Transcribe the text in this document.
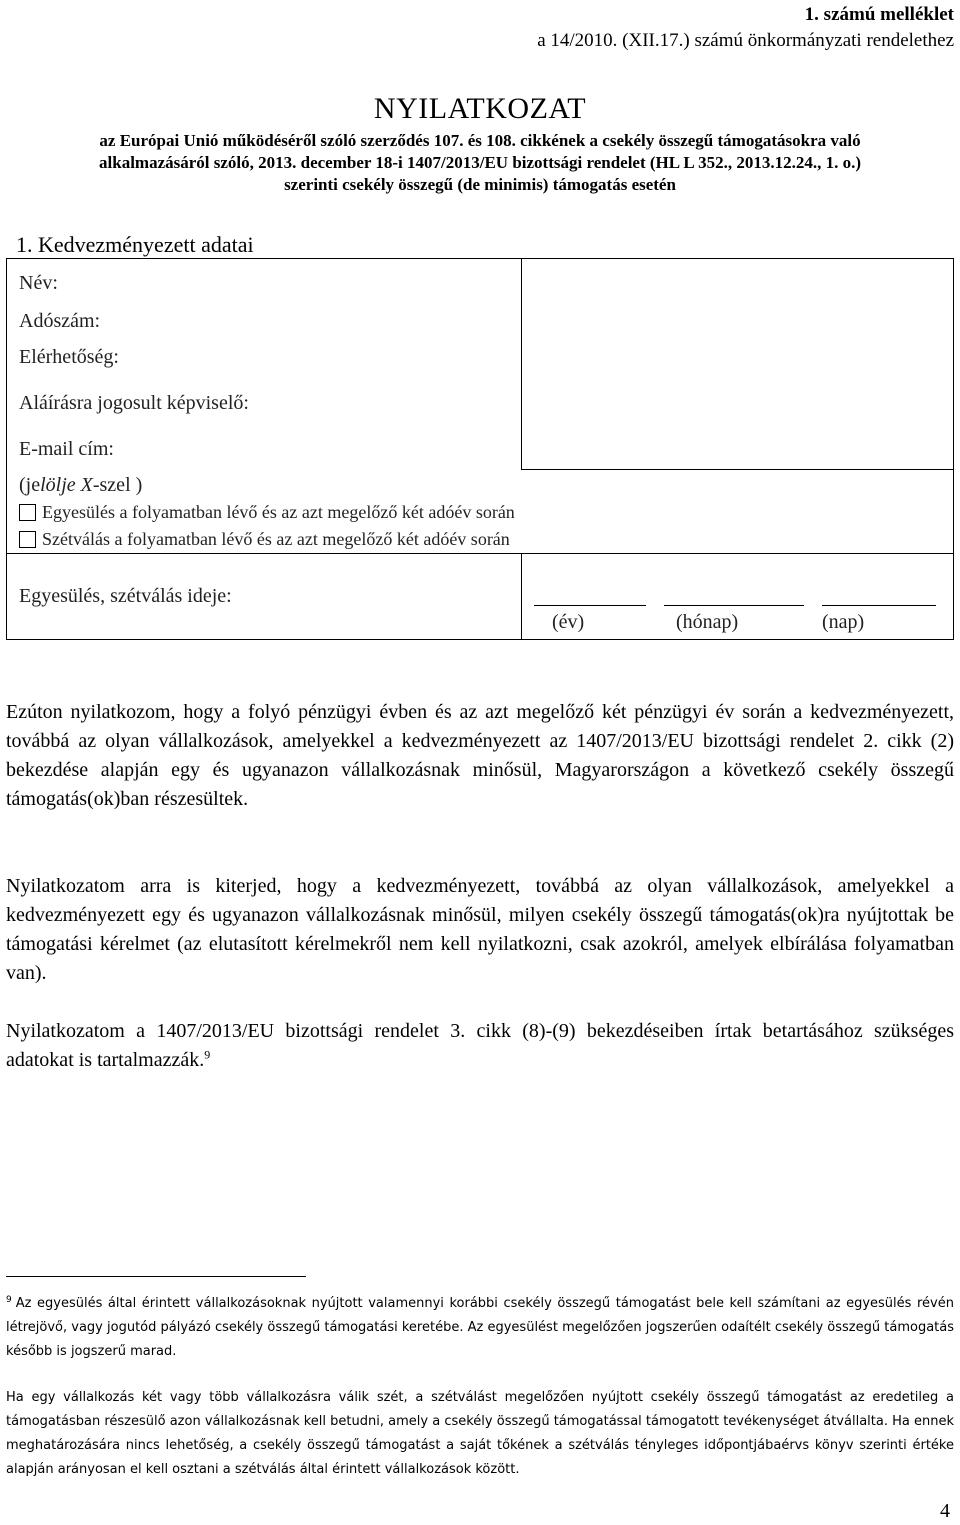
1. számú melléklet
a 14/2010. (XII.17.) számú önkormányzati rendelethez
NYILATKOZAT
az Európai Unió működéséről szóló szerződés 107. és 108. cikkének a csekély összegű támogatásokra való
alkalmazásáról szóló, 2013. december 18-i 1407/2013/EU bizottsági rendelet (HL L 352., 2013.12.24., 1. o.)
szerinti csekély összegű (de minimis) támogatás esetén
1. Kedvezményezett adatai
Név:
Adószám:
Elérhetőség:
Aláírásra jogosult képviselő:
E-mail cím:
(jelölje X-szel )
Egyesülés a folyamatban lévő és az azt megelőző két adóév során
Szétválás a folyamatban lévő és az azt megelőző két adóév során
Egyesülés, szétválás ideje:
(év)	(hónap)	(nap)

Ezúton nyilatkozom, hogy a folyó pénzügyi évben és az azt megelőző két pénzügyi év során a kedvezményezett, továbbá az olyan vállalkozások, amelyekkel a kedvezményezett az 1407/2013/EU bizottsági rendelet 2. cikk (2) bekezdése alapján egy és ugyanazon vállalkozásnak minősül, Magyarországon a következő csekély összegű támogatás(ok)ban részesültek.

Nyilatkozatom arra is kiterjed, hogy a kedvezményezett, továbbá az olyan vállalkozások, amelyekkel a kedvezményezett egy és ugyanazon vállalkozásnak minősül, milyen csekély összegű támogatás(ok)ra nyújtottak be támogatási kérelmet (az elutasított kérelmekről nem kell nyilatkozni, csak azokról, amelyek elbírálása folyamatban van).

Nyilatkozatom a 1407/2013/EU bizottsági rendelet 3. cikk (8)-(9) bekezdéseiben írtak betartásához szükséges adatokat is tartalmazzák.$^9$

$^9$ Az egyesülés által érintett vállalkozásoknak nyújtott valamennyi korábbi csekély összegű támogatást bele kell számítani az egyesülés révén létrejövő, vagy jogutód pályázó csekély összegű támogatási keretébe. Az egyesülést megelőzően jogszerűen odaítélt csekély összegű támogatás később is jogszerű marad.

Ha egy vállalkozás két vagy több vállalkozásra válik szét, a szétválást megelőzően nyújtott csekély összegű támogatást az eredetileg a támogatásban részesülő azon vállalkozásnak kell betudni, amely a csekély összegű támogatással támogatott tevékenységet átvállalta. Ha ennek meghatározására nincs lehetőség, a csekély összegű támogatást a saját tőkének a szétválás tényleges időpontjábaérvs könyv szerinti értéke alapján arányosan el kell osztani a szétválás által érintett vállalkozások között.

4
